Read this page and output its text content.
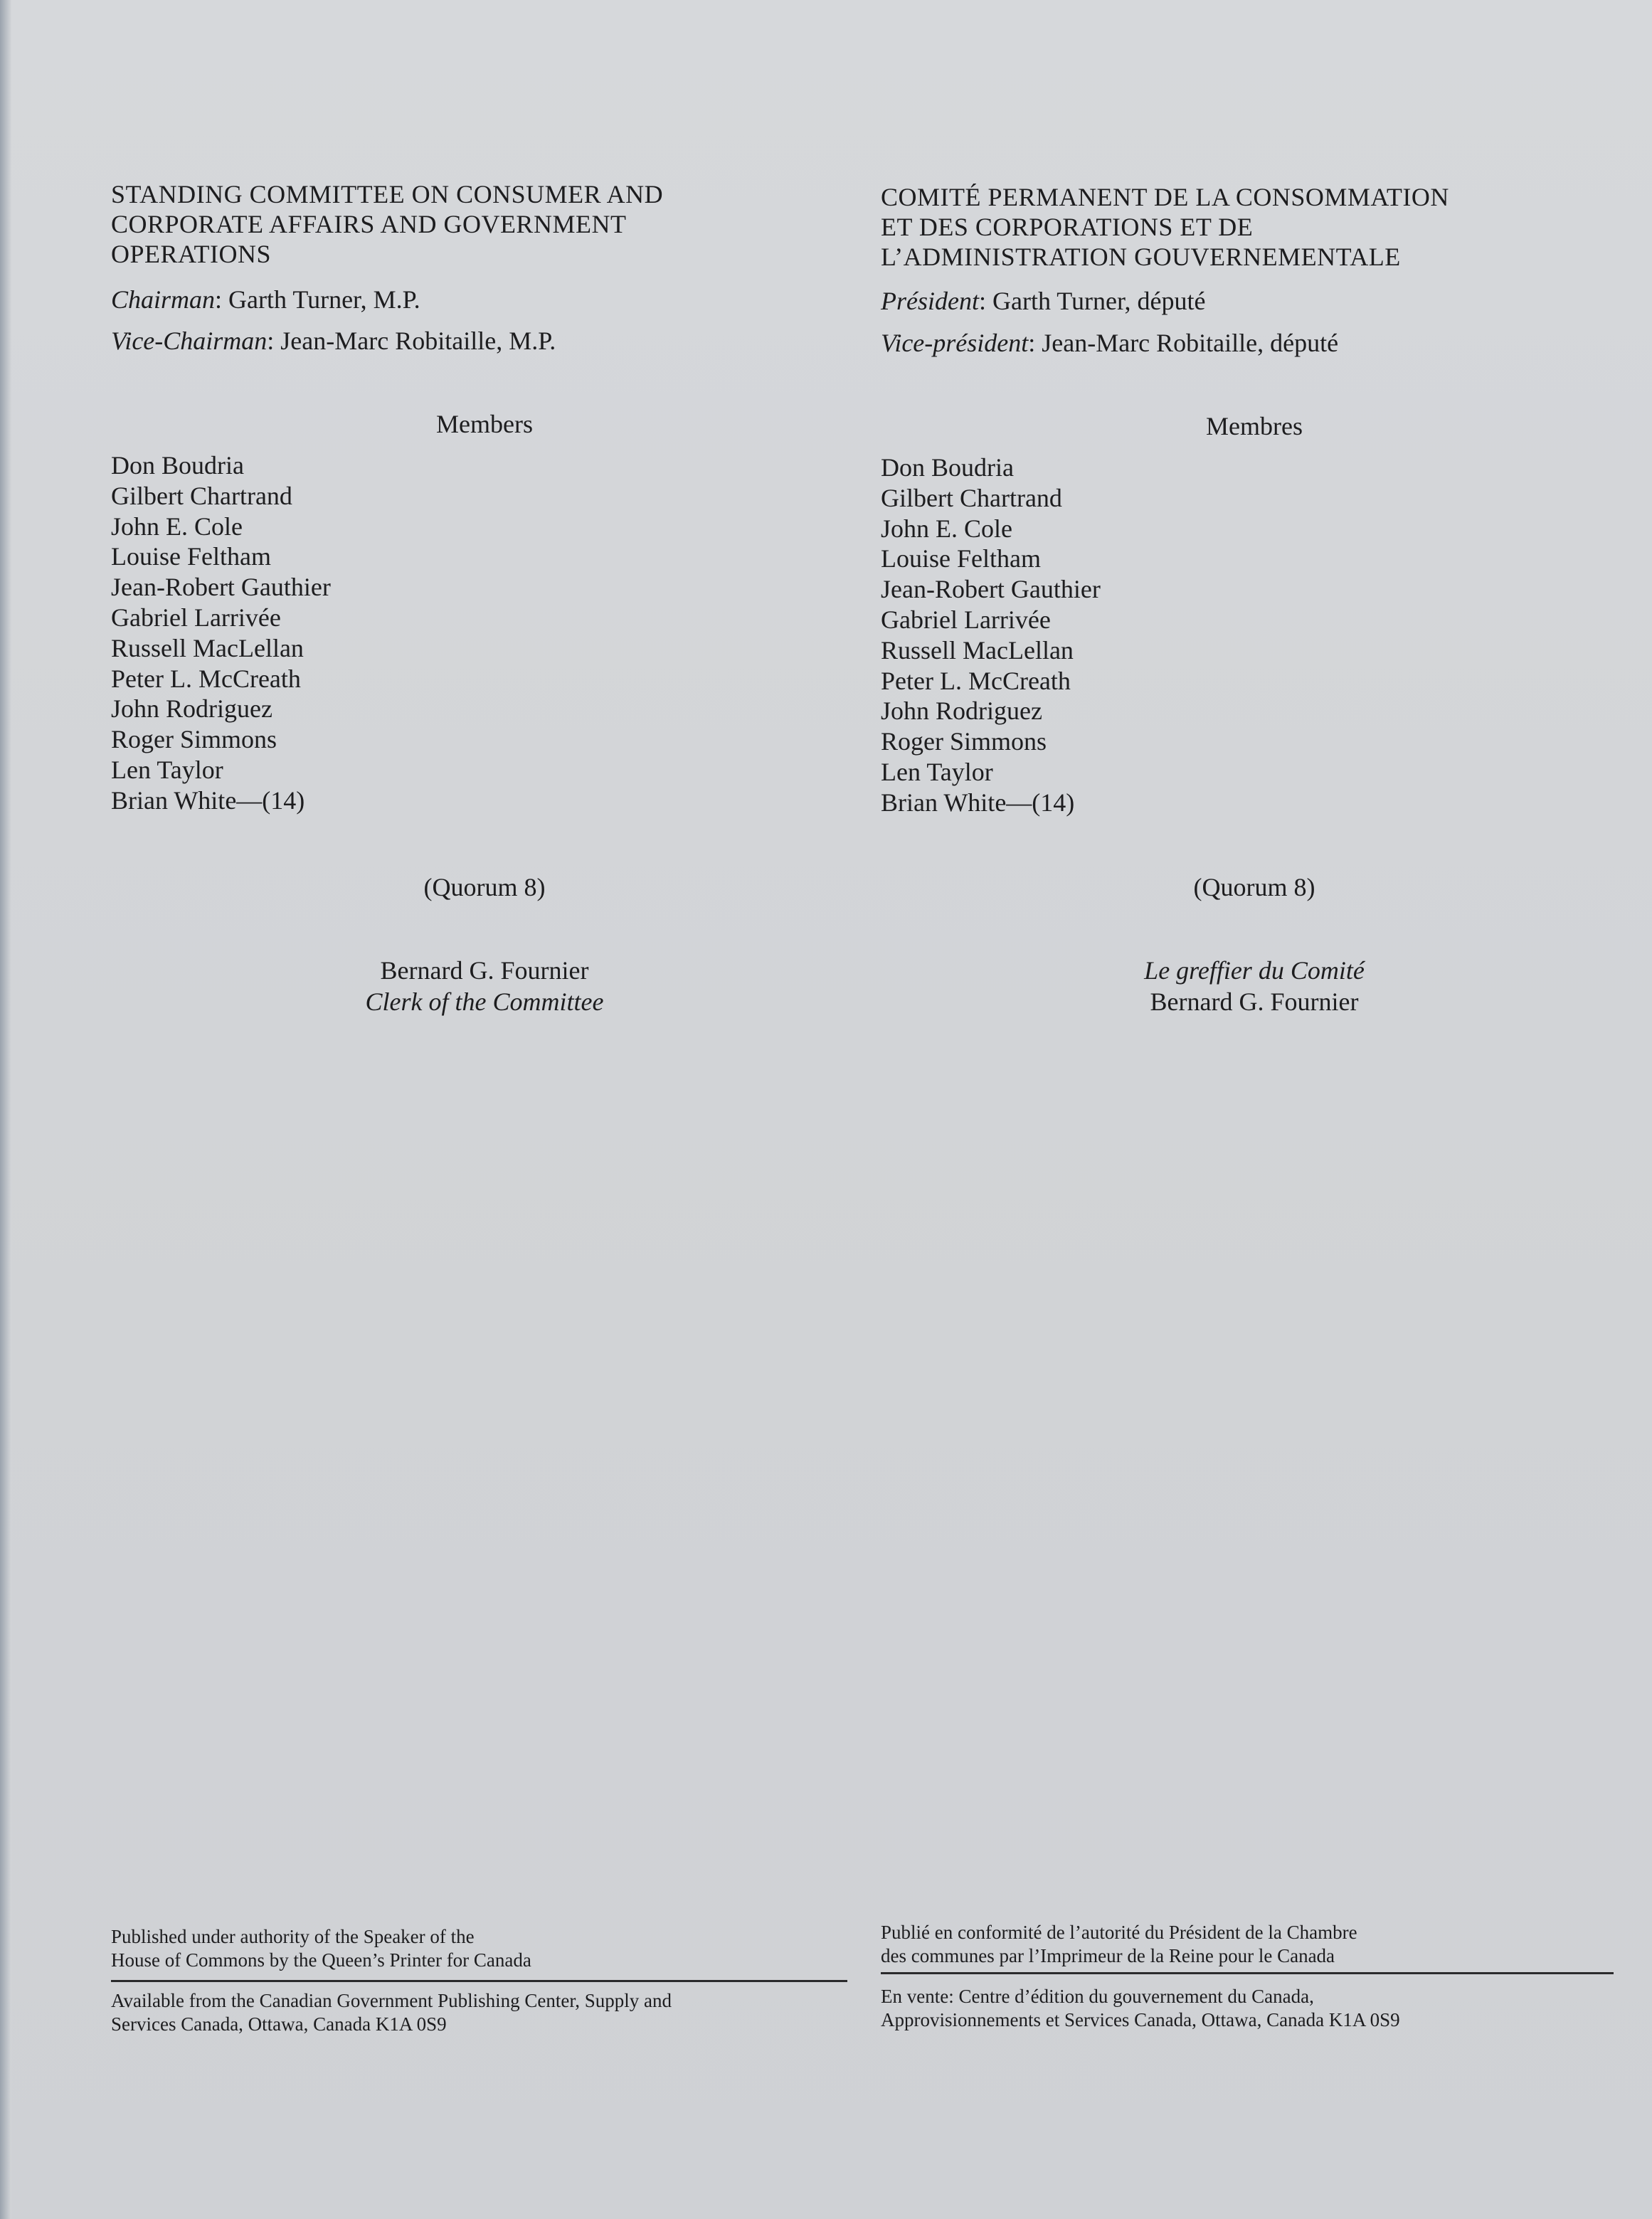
STANDING COMMITTEE ON CONSUMER AND
CORPORATE AFFAIRS AND GOVERNMENT
OPERATIONS
Chairman: Garth Turner, M.P.
Vice-Chairman: Jean-Marc Robitaille, M.P.
Members
Don Boudria
Gilbert Chartrand
John E. Cole
Louise Feltham
Jean-Robert Gauthier
Gabriel Larrivée
Russell MacLellan
Peter L. McCreath
John Rodriguez
Roger Simmons
Len Taylor
Brian White—(14)
(Quorum 8)
Bernard G. Fournier
Clerk of the Committee
Published under authority of the Speaker of the
House of Commons by the Queen’s Printer for Canada
Available from the Canadian Government Publishing Center, Supply and
Services Canada, Ottawa, Canada K1A 0S9
COMITÉ PERMANENT DE LA CONSOMMATION
ET DES CORPORATIONS ET DE
L’ADMINISTRATION GOUVERNEMENTALE
Président: Garth Turner, député
Vice-président: Jean-Marc Robitaille, député
Membres
Don Boudria
Gilbert Chartrand
John E. Cole
Louise Feltham
Jean-Robert Gauthier
Gabriel Larrivée
Russell MacLellan
Peter L. McCreath
John Rodriguez
Roger Simmons
Len Taylor
Brian White—(14)
(Quorum 8)
Le greffier du Comité
Bernard G. Fournier
Publié en conformité de l’autorité du Président de la Chambre
des communes par l’Imprimeur de la Reine pour le Canada
En vente: Centre d’édition du gouvernement du Canada,
Approvisionnements et Services Canada, Ottawa, Canada K1A 0S9
